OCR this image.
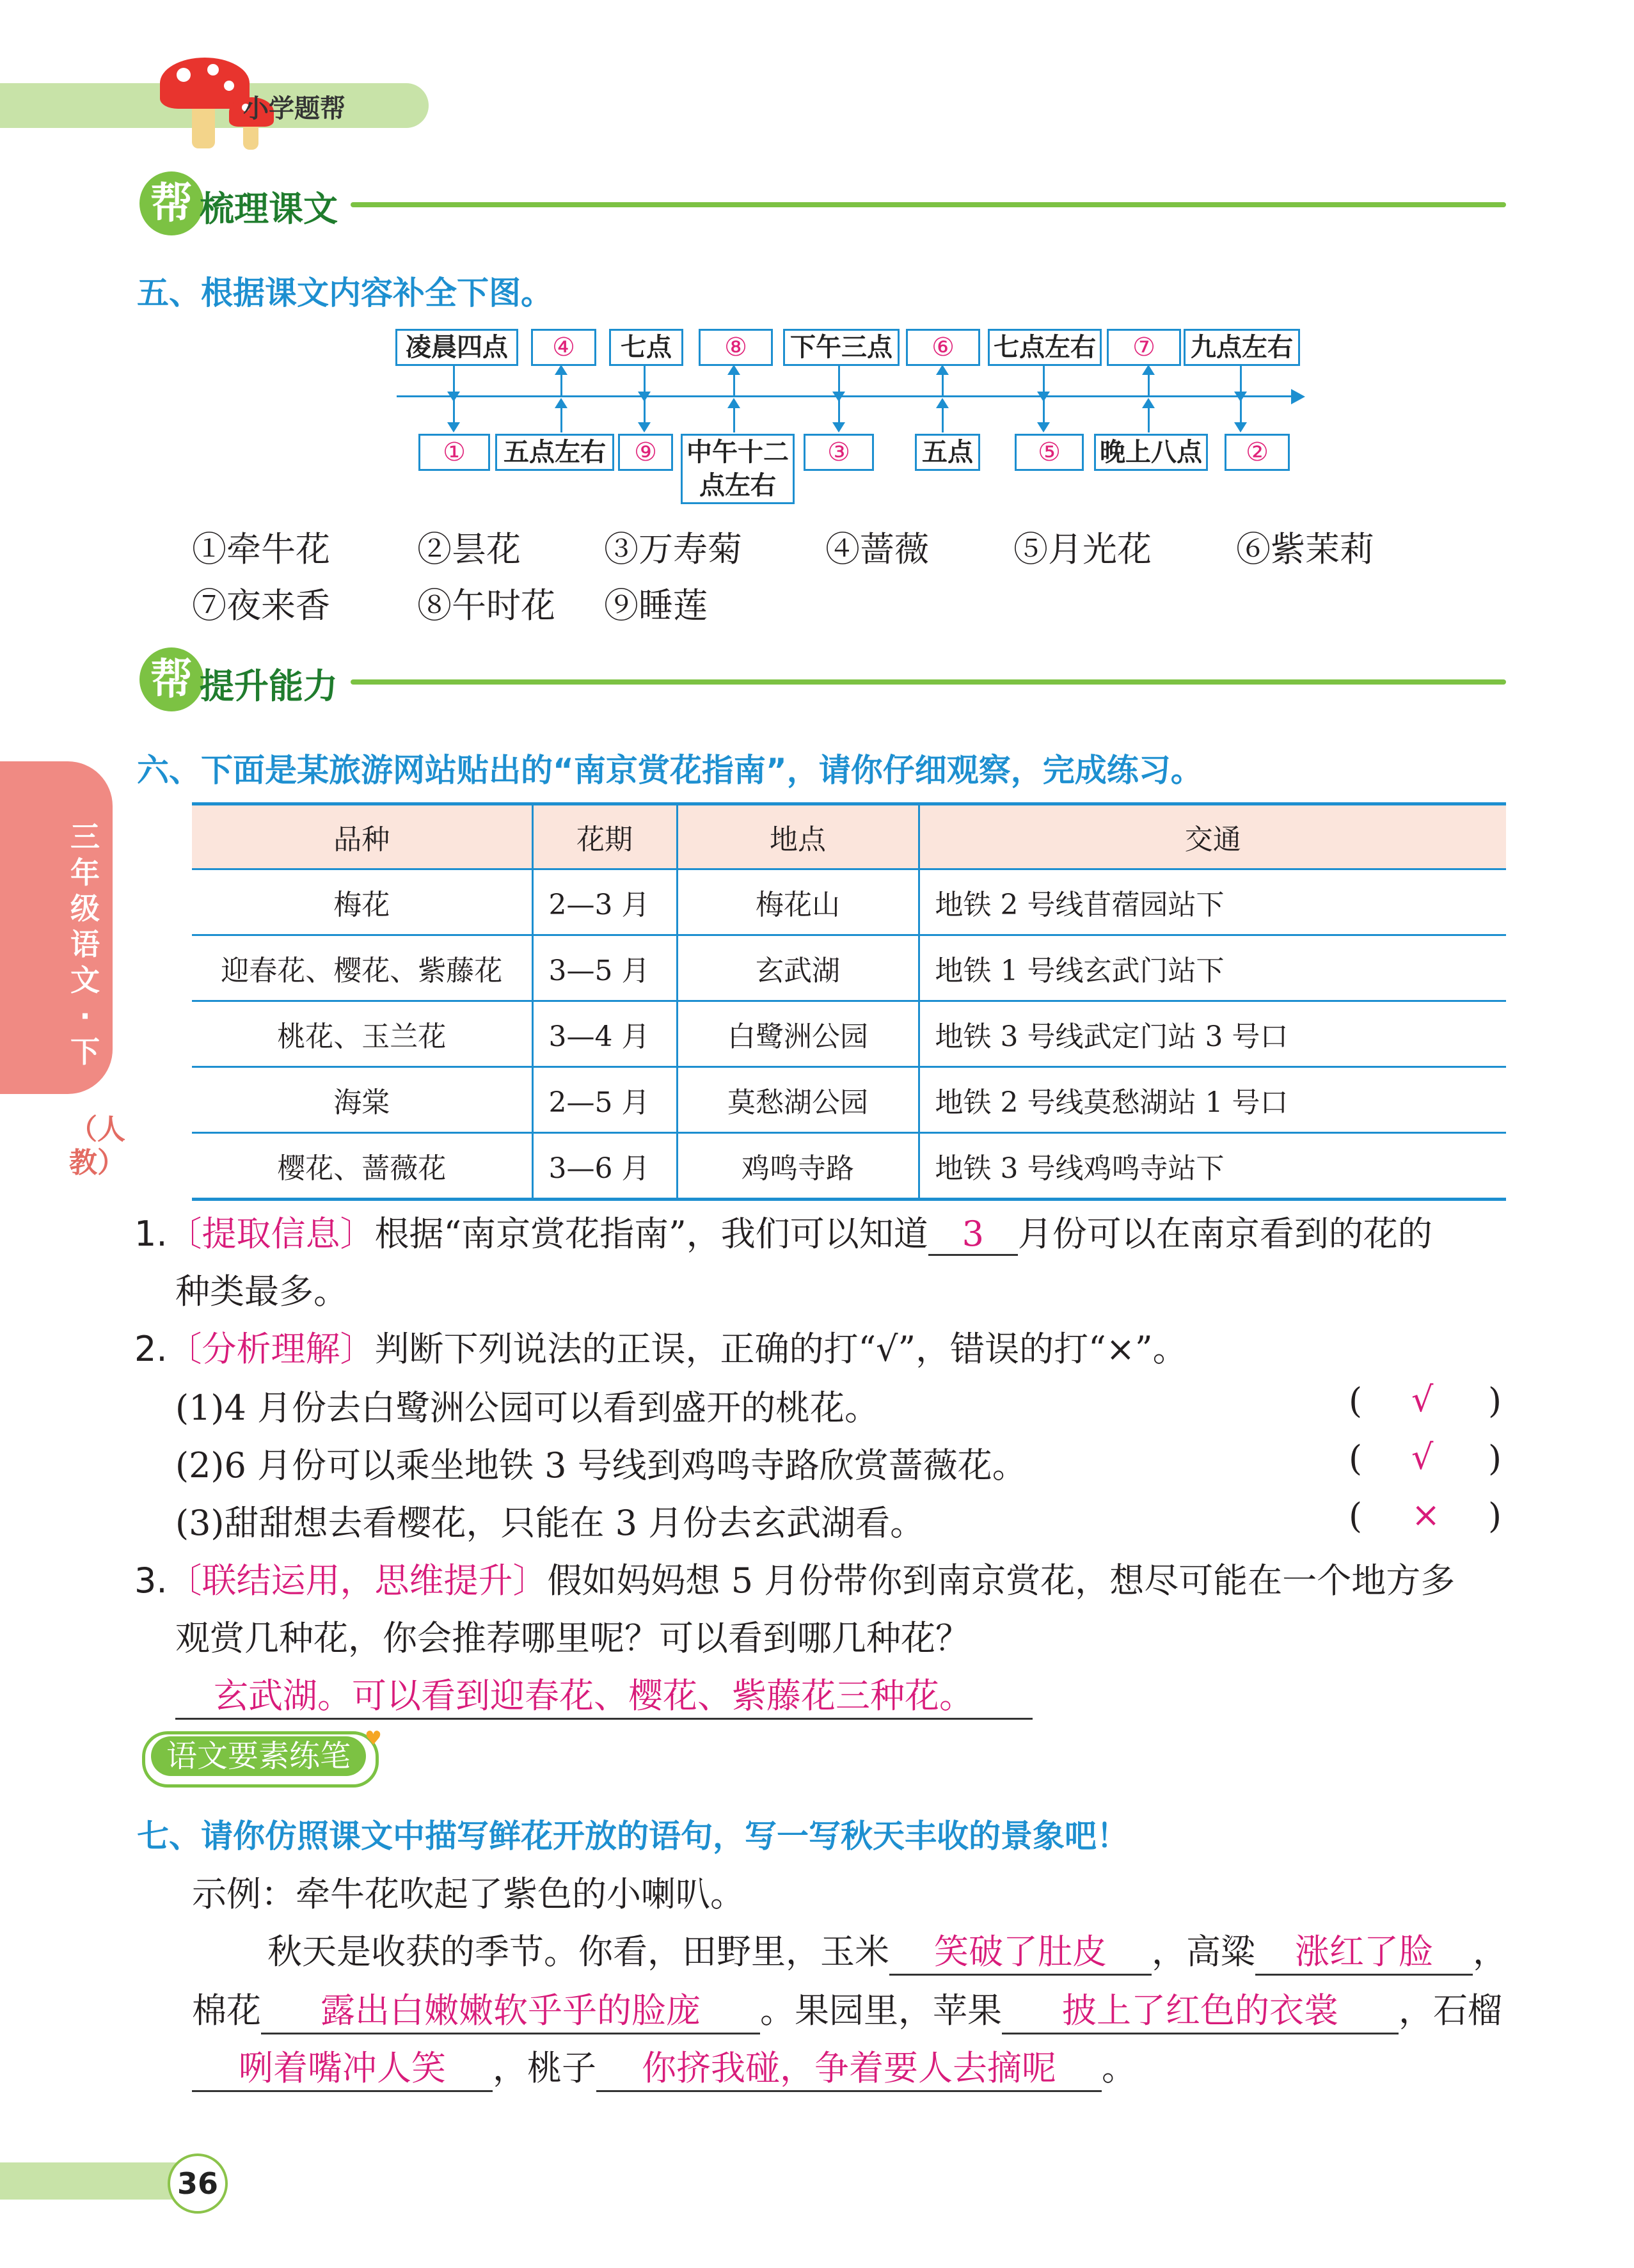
小学题帮
帮 梳理课文
五、根据课文内容补全下图。
凌晨四点	④	七点	⑧	下午三点	⑥	七点左右	⑦	九点左右
①	五点左右	⑨	中午十二点左右
③	五点	⑤	晚上八点	②
①牵牛花	②昙花 ③万寿菊 ④蔷薇 ⑤月光花 ⑥紫茉莉
⑦夜来香	⑧午时花 ⑨睡莲
帮 提升能力
六、下面是某旅游网站贴出的“南京赏花指南”，请你仔细观察，完成练习。
品种	花期	地点	交通
梅花	2—3 月	梅花山	地铁 2 号线苜蓿园站下
迎春花、樱花、紫藤花	3—5 月	玄武湖	地铁 1 号线玄武门站下
桃花、玉兰花	3—4 月	白鹭洲公园	地铁 3 号线武定门站 3 号口
海棠	2—5 月	莫愁湖公园	地铁 2 号线莫愁湖站 1 号口
樱花、蔷薇花	3—6 月	鸡鸣寺路	地铁 3 号线鸡鸣寺站下
1.〔提取信息〕根据“南京赏花指南”，我们可以知道 3 月份可以在南京看到的花的
种类最多。
2.〔分析理解〕判断下列说法的正误，正确的打“√”，错误的打“×”。
(1)4 月份去白鹭洲公园可以看到盛开的桃花。	( √ )
(2)6 月份可以乘坐地铁 3 号线到鸡鸣寺路欣赏蔷薇花。	( √ )
(3)甜甜想去看樱花，只能在 3 月份去玄武湖看。	( × )
3.〔联结运用，思维提升〕假如妈妈想 5 月份带你到南京赏花，想尽可能在一个地方多
观赏几种花，你会推荐哪里呢？可以看到哪几种花？
玄武湖。可以看到迎春花、樱花、紫藤花三种花。
语文要素练笔 ♥
七、请你仿照课文中描写鲜花开放的语句，写一写秋天丰收的景象吧！
示例：牵牛花吹起了紫色的小喇叭。
秋天是收获的季节。你看，田野里，玉米 笑破了肚皮 ，高粱 涨红了脸 ，
棉花 露出白嫩嫩软乎乎的脸庞 。果园里，苹果 披上了红色的衣裳 ，石榴
咧着嘴冲人笑 ，桃子 你挤我碰，争着要人去摘呢 。
三年级语文·下
（人教）
36
